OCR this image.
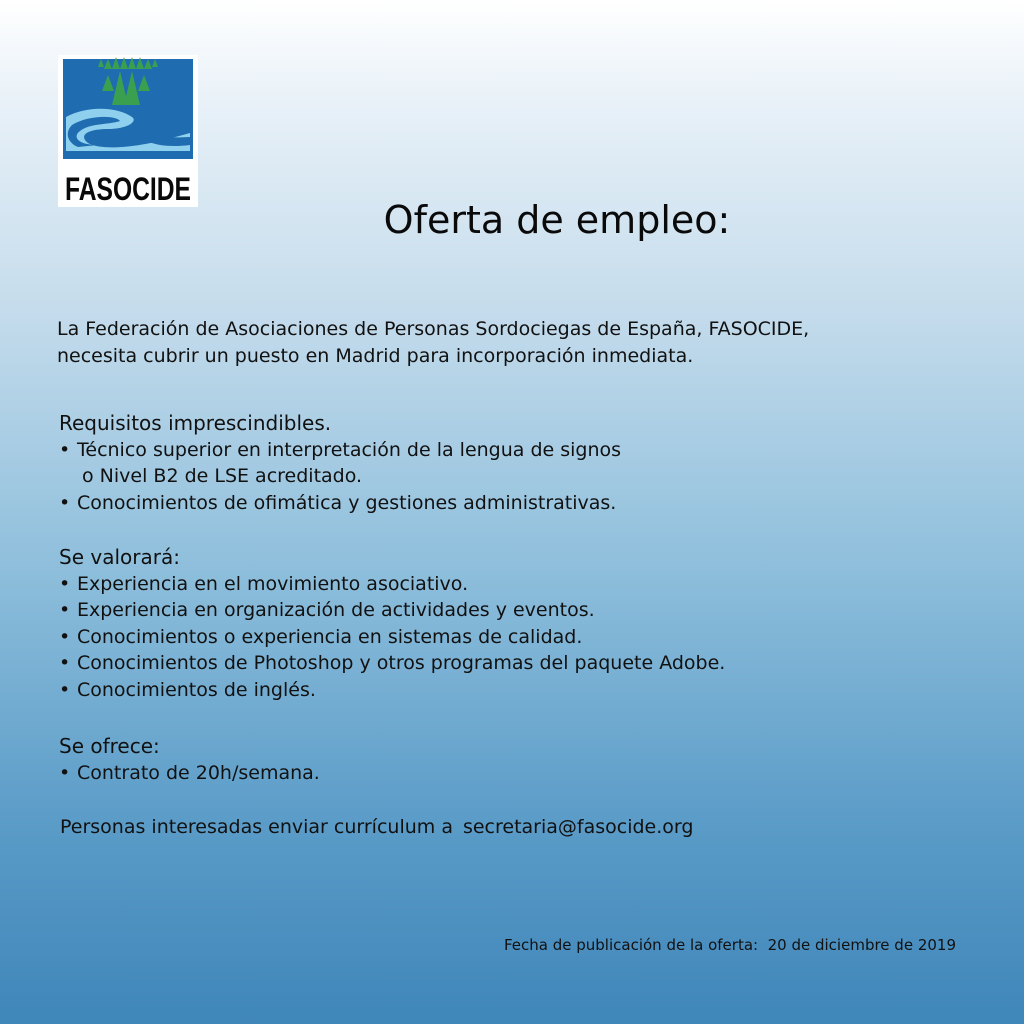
FASOCIDE
Oferta de empleo:
La Federación de Asociaciones de Personas Sordociegas de España, FASOCIDE,
necesita cubrir un puesto en Madrid para incorporación inmediata.
Requisitos imprescindibles.
• Técnico superior en interpretación de la lengua de signos
o Nivel B2 de LSE acreditado.
• Conocimientos de ofimática y gestiones administrativas.
Se valorará:
• Experiencia en el movimiento asociativo.
• Experiencia en organización de actividades y eventos.
• Conocimientos o experiencia en sistemas de calidad.
• Conocimientos de Photoshop y otros programas del paquete Adobe.
• Conocimientos de inglés.
Se ofrece:
• Contrato de 20h/semana.
Personas interesadas enviar currículum a secretaria@fasocide.org
Fecha de publicación de la oferta: 20 de diciembre de 2019
